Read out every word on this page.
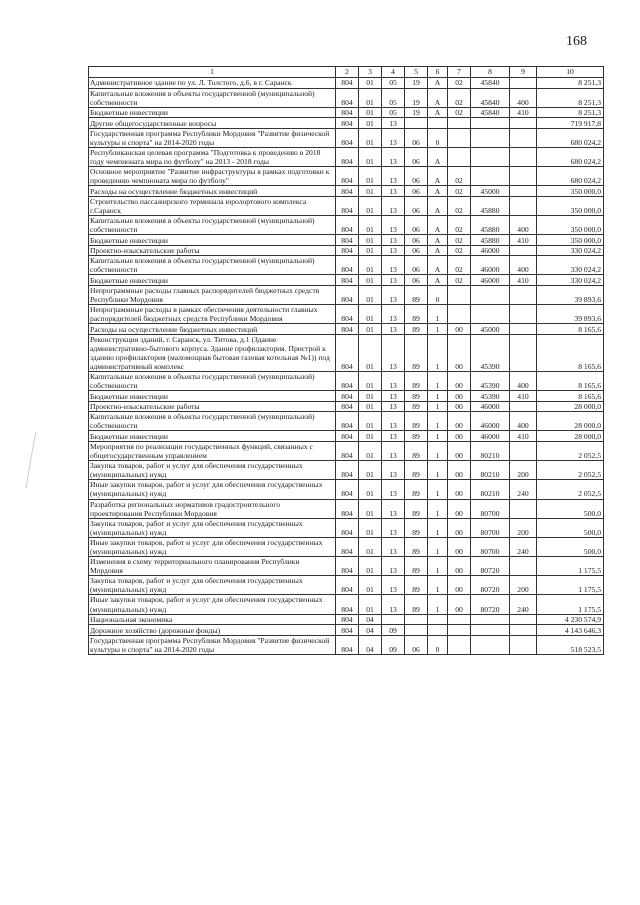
168
1	2	3	4	5	6	7	8	9	10
Административное здание по ул. Л. Толстого, д.6, в г. Саранск	804	01	05	19	А	02	45840		8 251,3
Капитальные вложения в объекты государственной (муниципальной) собственности	804	01	05	19	А	02	45840	400	8 251,3
Бюджетные инвестиции	804	01	05	19	А	02	45840	410	8 251,3
Другие общегосударственные вопросы	804	01	13						719 917,8
Государственная программа Республики Мордовия "Развитие физической культуры и спорта" на 2014-2020 годы	804	01	13	06	0				680 024,2
Республиканская целевая программа "Подготовка к проведению в 2018 году чемпионата мира по футболу" на 2013 - 2018 годы	804	01	13	06	А				680 024,2
Основное мероприятие "Развитие инфраструктуры в рамках подготовки к проведению чемпионата мира по футболу"	804	01	13	06	А	02			680 024,2
Расходы на осуществление бюджетных инвестиций	804	01	13	06	А	02	45000		350 000,0
Строительство пассажирского терминала юролортового комплекса г.Саранск	804	01	13	06	А	02	45880		350 000,0
Капитальные вложения в объекты государственной (муниципальной) собственности	804	01	13	06	А	02	45880	400	350 000,0
Бюджетные инвестиции	804	01	13	06	А	02	45880	410	350 000,0
Проектно-изыскательские работы	804	01	13	06	А	02	46000		330 024,2
Капитальные вложения в объекты государственной (муниципальной) собственности	804	01	13	06	А	02	46000	400	330 024,2
Бюджетные инвестиции	804	01	13	06	А	02	46000	410	330 024,2
Непрограммные расходы главных распорядителей бюджетных средств Республики Мордовия	804	01	13	89	0				39 893,6
Непрограммные расходы в рамках обеспечения деятельности главных распорядителей бюджетных средств Республики Мордовия	804	01	13	89	1				39 893,6
Расходы на осуществление бюджетных инвестиций	804	01	13	89	1	00	45000		8 165,6
Реконструкция зданий, г. Саранск, ул. Титова, д.1 (Здание административно-бытового корпуса. Здание профилактория. Пристрой к зданию профилактория (маломощная бытовая газовая котельная №1)) под административный комплекс	804	01	13	89	1	00	45390		8 165,6
Капитальные вложения в объекты государственной (муниципальной) собственности	804	01	13	89	1	00	45390	400	8 165,6
Бюджетные инвестиции	804	01	13	89	1	00	45390	410	8 165,6
Проектно-изыскательские работы	804	01	13	89	1	00	46000		28 000,0
Капитальные вложения в объекты государственной (муниципальной) собственности	804	01	13	89	1	00	46000	400	28 000,0
Бюджетные инвестиции	804	01	13	89	1	00	46000	410	28 000,0
Мероприятия по реализации государственных функций, связанных с общегосударственным управлением	804	01	13	89	1	00	80210		2 052,5
Закупка товаров, работ и услуг для обеспечения государственных (муниципальных) нужд	804	01	13	89	1	00	80210	200	2 052,5
Иные закупки товаров, работ и услуг для обеспечения государственных (муниципальных) нужд	804	01	13	89	1	00	80210	240	2 052,5
Разработка региональных нормативов градостроительного проектирования Республики Мордовия	804	01	13	89	1	00	80700		500,0
Закупка товаров, работ и услуг для обеспечения государственных (муниципальных) нужд	804	01	13	89	1	00	80700	200	500,0
Иные закупки товаров, работ и услуг для обеспечения государственных (муниципальных) нужд	804	01	13	89	1	00	80700	240	500,0
Изменения в схему территориального планирования Республики Мордовия	804	01	13	89	1	00	80720		1 175,5
Закупка товаров, работ и услуг для обеспечения государственных (муниципальных) нужд	804	01	13	89	1	00	80720	200	1 175,5
Иные закупки товаров, работ и услуг для обеспечения государственных (муниципальных) нужд	804	01	13	89	1	00	80720	240	1 175,5
Национальная экономика	804	04							4 230 574,9
Дорожное хозяйство (дорожные фонды)	804	04	09						4 143 646,3
Государственная программа Республики Мордовия "Развитие физической культуры и спорта" на 2014-2020 годы	804	04	09	06	0				518 523,5
